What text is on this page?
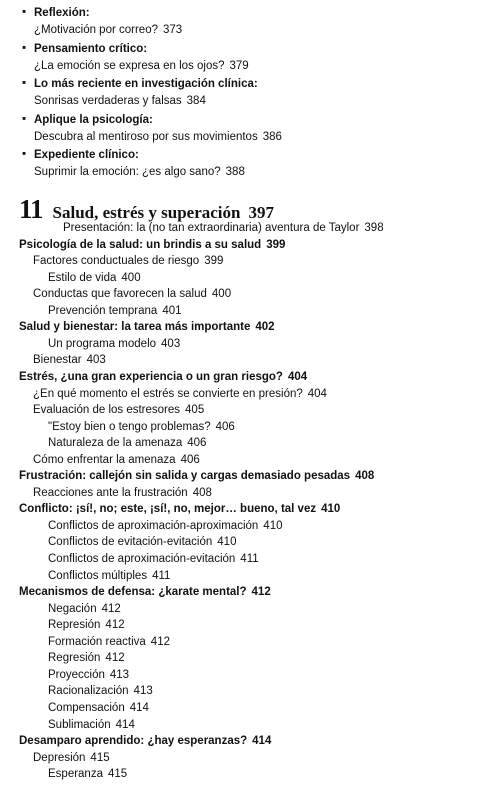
▪ Reflexión:
¿Motivación por correo? 373
▪ Pensamiento crítico:
¿La emoción se expresa en los ojos? 379
▪ Lo más reciente en investigación clínica:
Sonrisas verdaderas y falsas 384
▪ Aplique la psicología:
Descubra al mentiroso por sus movimientos 386
▪ Expediente clínico:
Suprimir la emoción: ¿es algo sano? 388
11 Salud, estrés y superación 397
Presentación: la (no tan extraordinaria) aventura de Taylor 398
Psicología de la salud: un brindis a su salud 399
Factores conductuales de riesgo 399
Estilo de vida 400
Conductas que favorecen la salud 400
Prevención temprana 401
Salud y bienestar: la tarea más importante 402
Un programa modelo 403
Bienestar 403
Estrés, ¿una gran experiencia o un gran riesgo? 404
¿En qué momento el estrés se convierte en presión? 404
Evaluación de los estresores 405
"Estoy bien o tengo problemas? 406
Naturaleza de la amenaza 406
Cómo enfrentar la amenaza 406
Frustración: callejón sin salida y cargas demasiado pesadas 408
Reacciones ante la frustración 408
Conflicto: ¡sí!, no; este, ¡sí!, no, mejor… bueno, tal vez 410
Conflictos de aproximación-aproximación 410
Conflictos de evitación-evitación 410
Conflictos de aproximación-evitación 411
Conflictos múltiples 411
Mecanismos de defensa: ¿karate mental? 412
Negación 412
Represión 412
Formación reactiva 412
Regresión 412
Proyección 413
Racionalización 413
Compensación 414
Sublimación 414
Desamparo aprendido: ¿hay esperanzas? 414
Depresión 415
Esperanza 415
